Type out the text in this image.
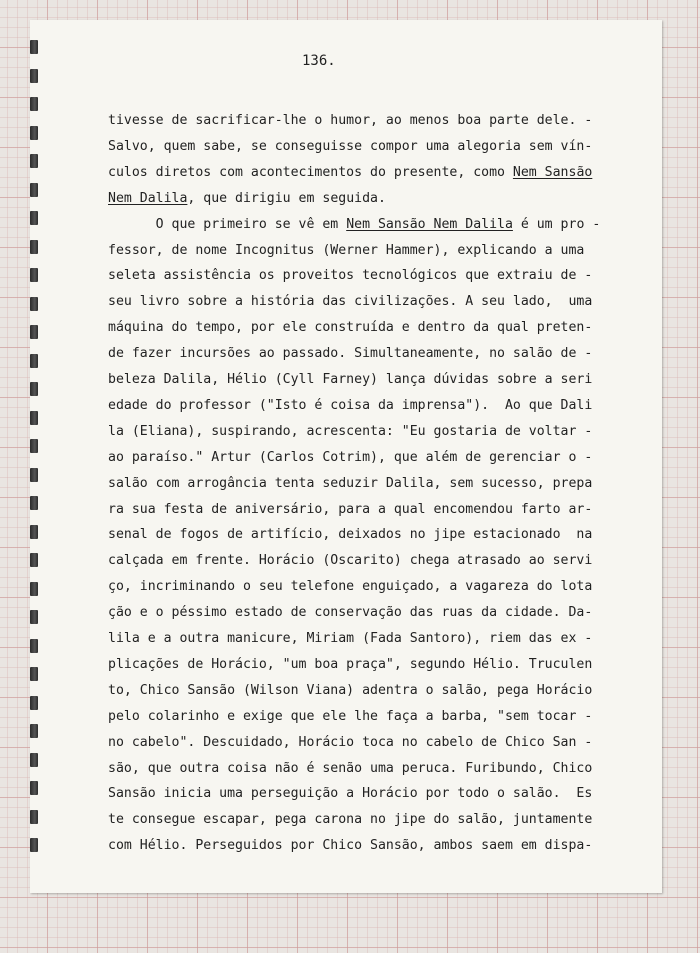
136.
tivesse de sacrificar-lhe o humor, ao menos boa parte dele. -
Salvo, quem sabe, se conseguisse compor uma alegoria sem vín-
culos diretos com acontecimentos do presente, como Nem Sansão
Nem Dalila, que dirigiu em seguida.
O que primeiro se vê em Nem Sansão Nem Dalila é um pro -
fessor, de nome Incognitus (Werner Hammer), explicando a uma
seleta assistência os proveitos tecnológicos que extraiu de -
seu livro sobre a história das civilizações. A seu lado,  uma
máquina do tempo, por ele construída e dentro da qual preten-
de fazer incursões ao passado. Simultaneamente, no salão de -
beleza Dalila, Hélio (Cyll Farney) lança dúvidas sobre a seri
edade do professor ("Isto é coisa da imprensa").  Ao que Dali
la (Eliana), suspirando, acrescenta: "Eu gostaria de voltar -
ao paraíso." Artur (Carlos Cotrim), que além de gerenciar o -
salão com arrogância tenta seduzir Dalila, sem sucesso, prepa
ra sua festa de aniversário, para a qual encomendou farto ar-
senal de fogos de artifício, deixados no jipe estacionado  na
calçada em frente. Horácio (Oscarito) chega atrasado ao servi
ço, incriminando o seu telefone enguiçado, a vagareza do lota
ção e o péssimo estado de conservação das ruas da cidade. Da-
lila e a outra manicure, Miriam (Fada Santoro), riem das ex -
plicações de Horácio, "um boa praça", segundo Hélio. Truculen
to, Chico Sansão (Wilson Viana) adentra o salão, pega Horácio
pelo colarinho e exige que ele lhe faça a barba, "sem tocar -
no cabelo". Descuidado, Horácio toca no cabelo de Chico San -
são, que outra coisa não é senão uma peruca. Furibundo, Chico
Sansão inicia uma perseguição a Horácio por todo o salão.  Es
te consegue escapar, pega carona no jipe do salão, juntamente
com Hélio. Perseguidos por Chico Sansão, ambos saem em dispa-
